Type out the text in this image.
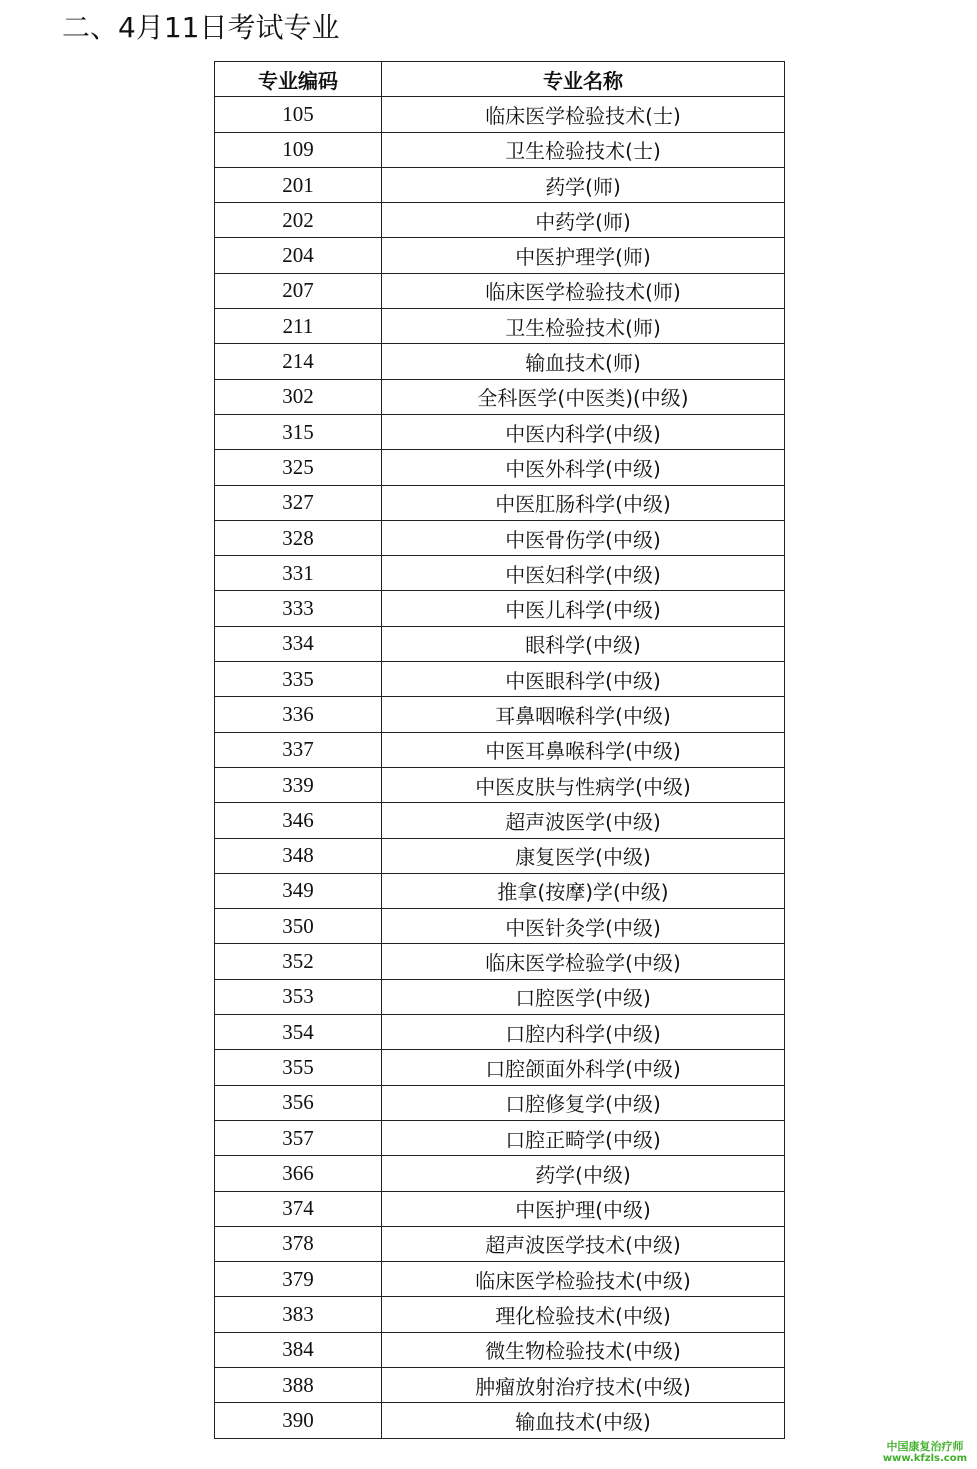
二、4月11日考试专业
专业编码	专业名称
105	临床医学检验技术(士)
109	卫生检验技术(士)
201	药学(师)
202	中药学(师)
204	中医护理学(师)
207	临床医学检验技术(师)
211	卫生检验技术(师)
214	输血技术(师)
302	全科医学(中医类)(中级)
315	中医内科学(中级)
325	中医外科学(中级)
327	中医肛肠科学(中级)
328	中医骨伤学(中级)
331	中医妇科学(中级)
333	中医儿科学(中级)
334	眼科学(中级)
335	中医眼科学(中级)
336	耳鼻咽喉科学(中级)
337	中医耳鼻喉科学(中级)
339	中医皮肤与性病学(中级)
346	超声波医学(中级)
348	康复医学(中级)
349	推拿(按摩)学(中级)
350	中医针灸学(中级)
352	临床医学检验学(中级)
353	口腔医学(中级)
354	口腔内科学(中级)
355	口腔颌面外科学(中级)
356	口腔修复学(中级)
357	口腔正畸学(中级)
366	药学(中级)
374	中医护理(中级)
378	超声波医学技术(中级)
379	临床医学检验技术(中级)
383	理化检验技术(中级)
384	微生物检验技术(中级)
388	肿瘤放射治疗技术(中级)
390	输血技术(中级)
中国康复治疗师
www.kfzls.com
